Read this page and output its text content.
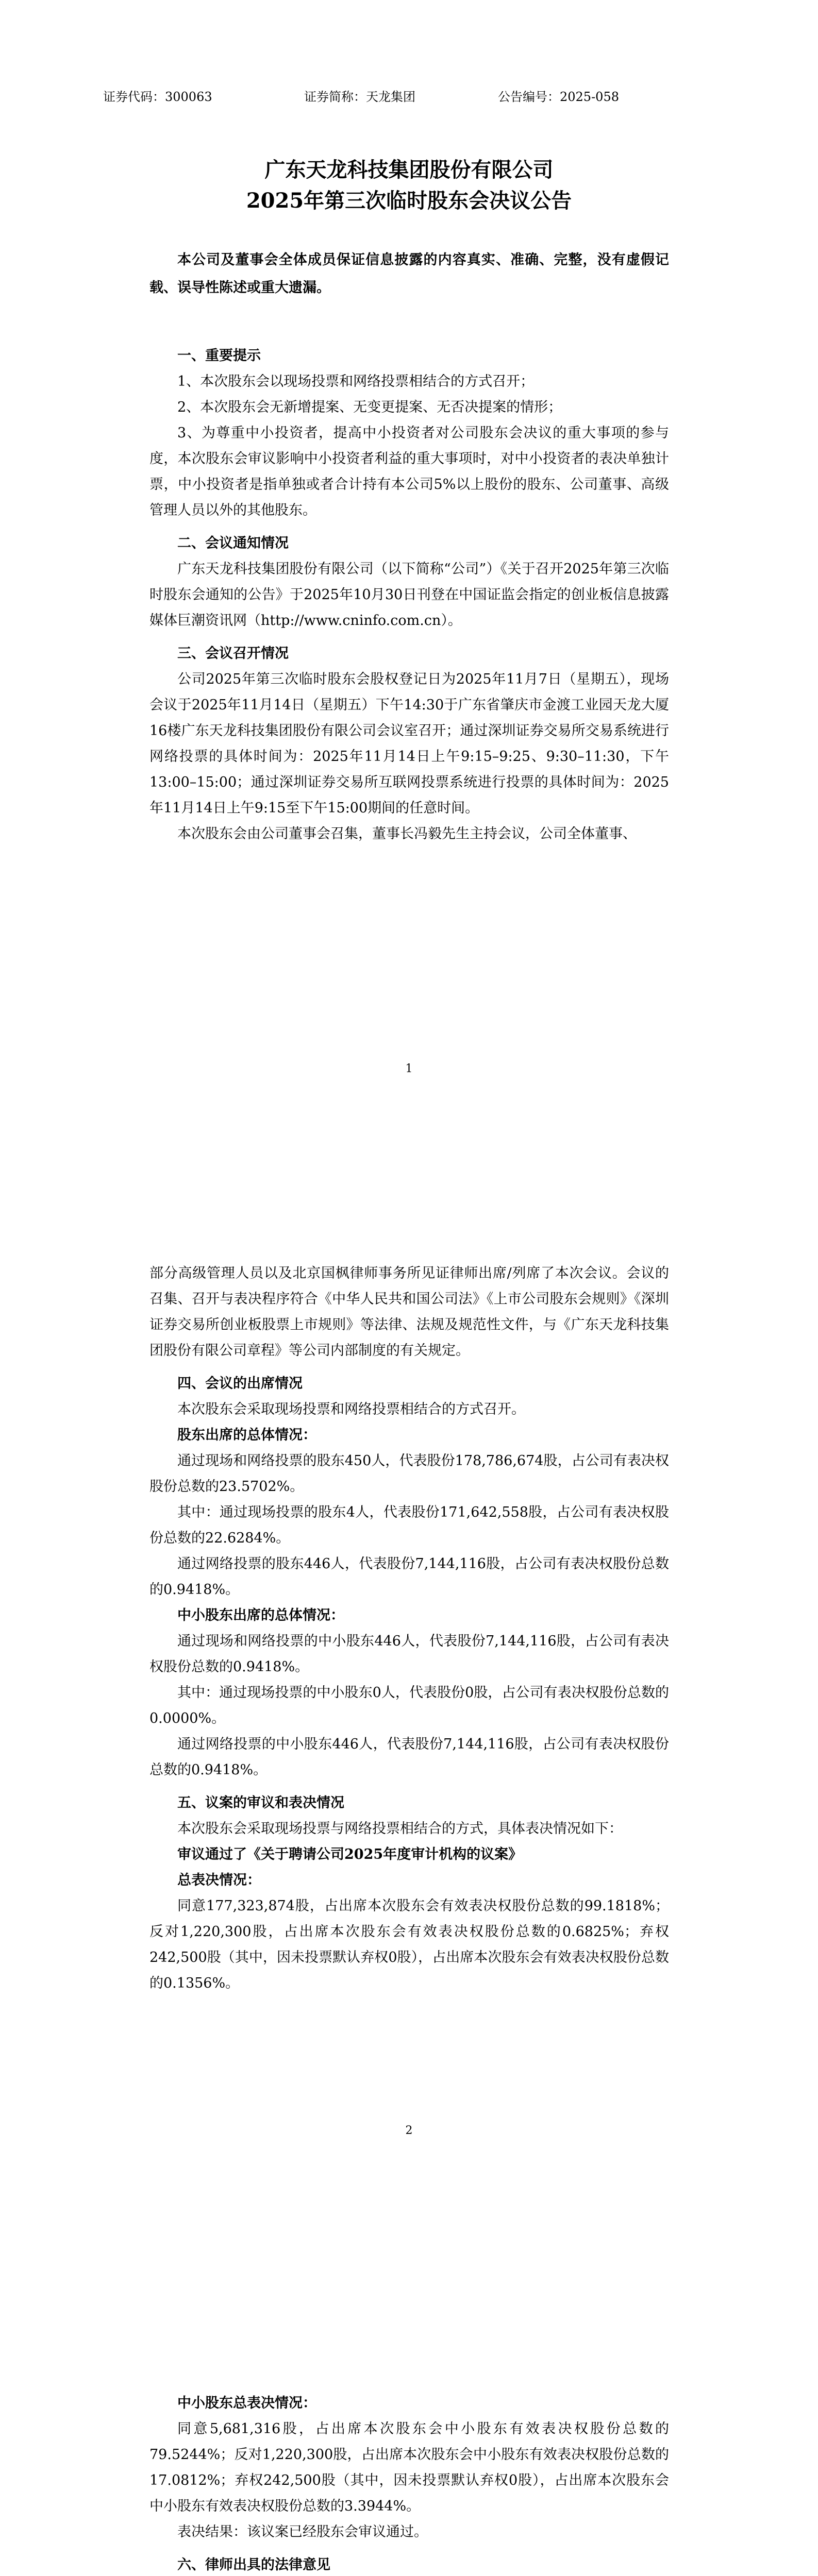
证券代码：300063	证券简称：天龙集团	公告编号：2025-058
广东天龙科技集团股份有限公司
2025年第三次临时股东会决议公告

本公司及董事会全体成员保证信息披露的内容真实、准确、完整，没有虚假记载、误导性陈述或重大遗漏。

一、重要提示

1、本次股东会以现场投票和网络投票相结合的方式召开；

2、本次股东会无新增提案、无变更提案、无否决提案的情形；

3、为尊重中小投资者，提高中小投资者对公司股东会决议的重大事项的参与度，本次股东会审议影响中小投资者利益的重大事项时，对中小投资者的表决单独计票，中小投资者是指单独或者合计持有本公司5%以上股份的股东、公司董事、高级管理人员以外的其他股东。

二、会议通知情况

广东天龙科技集团股份有限公司（以下简称“公司”）《关于召开2025年第三次临时股东会通知的公告》于2025年10月30日刊登在中国证监会指定的创业板信息披露媒体巨潮资讯网（http://www.cninfo.com.cn）。

三、会议召开情况

公司2025年第三次临时股东会股权登记日为2025年11月7日（星期五），现场会议于2025年11月14日（星期五）下午14:30于广东省肇庆市金渡工业园天龙大厦16楼广东天龙科技集团股份有限公司会议室召开；通过深圳证券交易所交易系统进行网络投票的具体时间为：2025年11月14日上午9:15–9:25、9:30–11:30，下午13:00–15:00；通过深圳证券交易所互联网投票系统进行投票的具体时间为：2025年11月14日上午9:15至下午15:00期间的任意时间。

本次股东会由公司董事会召集，董事长冯毅先生主持会议，公司全体董事、

1

部分高级管理人员以及北京国枫律师事务所见证律师出席/列席了本次会议。会议的召集、召开与表决程序符合《中华人民共和国公司法》《上市公司股东会规则》《深圳证券交易所创业板股票上市规则》等法律、法规及规范性文件，与《广东天龙科技集团股份有限公司章程》等公司内部制度的有关规定。

四、会议的出席情况

本次股东会采取现场投票和网络投票相结合的方式召开。

股东出席的总体情况：

通过现场和网络投票的股东450人，代表股份178,786,674股，占公司有表决权股份总数的23.5702%。

其中：通过现场投票的股东4人，代表股份171,642,558股，占公司有表决权股份总数的22.6284%。

通过网络投票的股东446人，代表股份7,144,116股，占公司有表决权股份总数的0.9418%。

中小股东出席的总体情况：

通过现场和网络投票的中小股东446人，代表股份7,144,116股，占公司有表决权股份总数的0.9418%。

其中：通过现场投票的中小股东0人，代表股份0股，占公司有表决权股份总数的0.0000%。

通过网络投票的中小股东446人，代表股份7,144,116股，占公司有表决权股份总数的0.9418%。

五、议案的审议和表决情况

本次股东会采取现场投票与网络投票相结合的方式，具体表决情况如下：

审议通过了《关于聘请公司2025年度审计机构的议案》

总表决情况：

同意177,323,874股，占出席本次股东会有效表决权股份总数的99.1818%；反对1,220,300股，占出席本次股东会有效表决权股份总数的0.6825%；弃权242,500股（其中，因未投票默认弃权0股），占出席本次股东会有效表决权股份总数的0.1356%。

2

中小股东总表决情况：

同意5,681,316股，占出席本次股东会中小股东有效表决权股份总数的79.5244%；反对1,220,300股，占出席本次股东会中小股东有效表决权股份总数的17.0812%；弃权242,500股（其中，因未投票默认弃权0股），占出席本次股东会中小股东有效表决权股份总数的3.3944%。

表决结果：该议案已经股东会审议通过。

六、律师出具的法律意见
